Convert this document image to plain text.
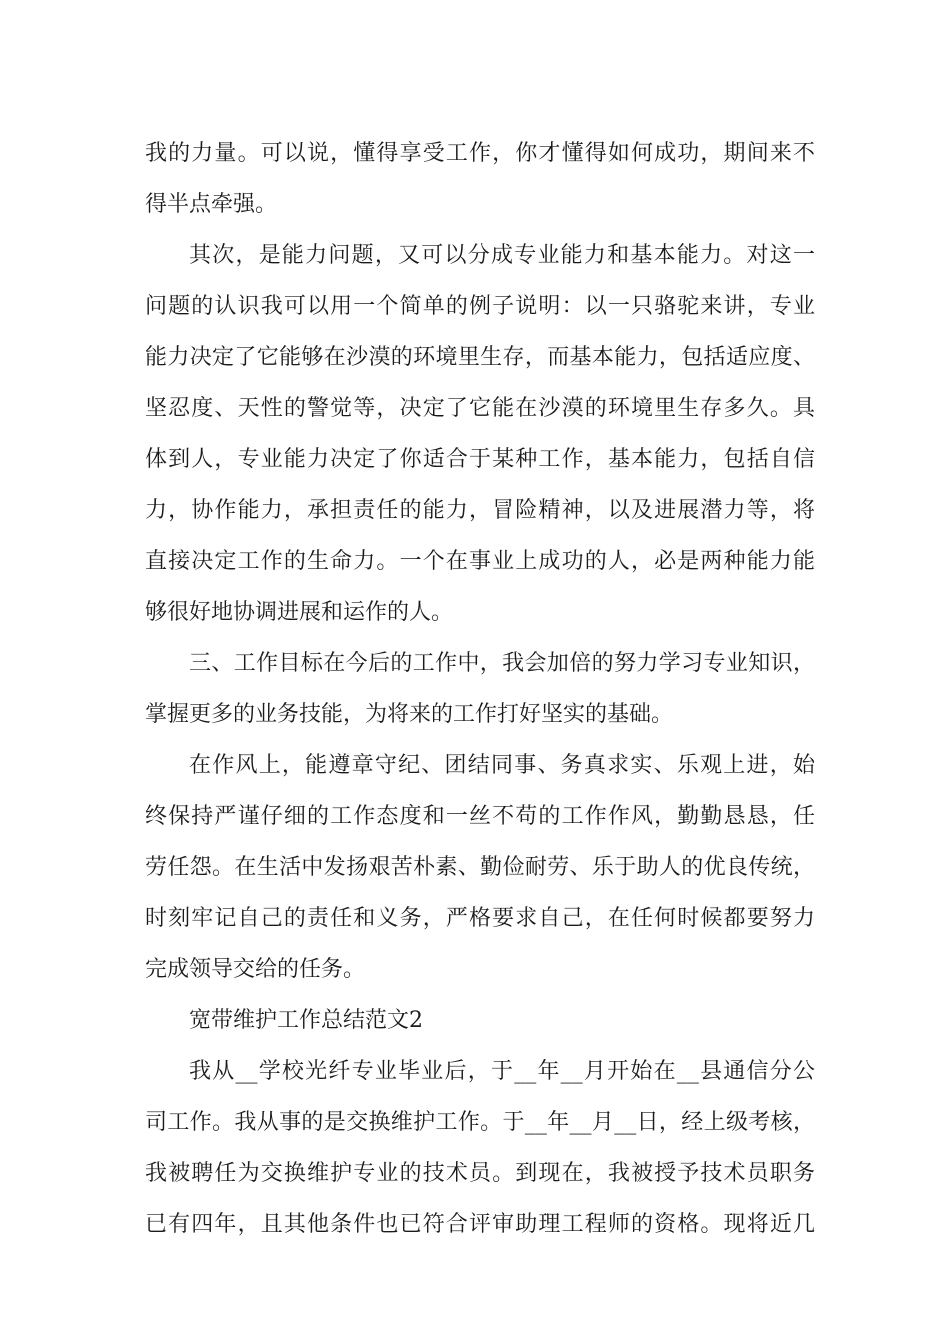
我的力量。可以说，懂得享受工作，你才懂得如何成功，期间来不
得半点牵强。
其次，是能力问题，又可以分成专业能力和基本能力。对这一
问题的认识我可以用一个简单的例子说明：以一只骆驼来讲，专业
能力决定了它能够在沙漠的环境里生存，而基本能力，包括适应度、
坚忍度、天性的警觉等，决定了它能在沙漠的环境里生存多久。具
体到人，专业能力决定了你适合于某种工作，基本能力，包括自信
力，协作能力，承担责任的能力，冒险精神，以及进展潜力等，将
直接决定工作的生命力。一个在事业上成功的人，必是两种能力能
够很好地协调进展和运作的人。
三、工作目标在今后的工作中，我会加倍的努力学习专业知识，
掌握更多的业务技能，为将来的工作打好坚实的基础。
在作风上，能遵章守纪、团结同事、务真求实、乐观上进，始
终保持严谨仔细的工作态度和一丝不苟的工作作风，勤勤恳恳，任
劳任怨。在生活中发扬艰苦朴素、勤俭耐劳、乐于助人的优良传统，
时刻牢记自己的责任和义务，严格要求自己，在任何时候都要努力
完成领导交给的任务。
宽带维护工作总结范文2
我从__学校光纤专业毕业后，于__年__月开始在__县通信分公
司工作。我从事的是交换维护工作。于__年__月__日，经上级考核，
我被聘任为交换维护专业的技术员。到现在，我被授予技术员职务
已有四年，且其他条件也已符合评审助理工程师的资格。现将近几
